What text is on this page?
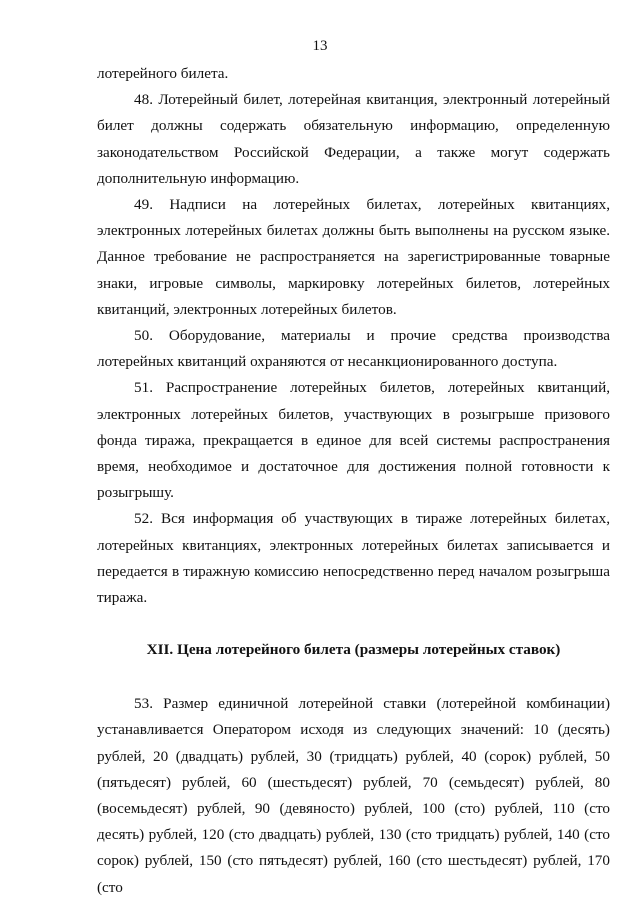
13

лотерейного билета.

48. Лотерейный билет, лотерейная квитанция, электронный лотерейный билет должны содержать обязательную информацию, определенную законодательством Российской Федерации, а также могут содержать дополнительную информацию.

49. Надписи на лотерейных билетах, лотерейных квитанциях, электронных лотерейных билетах должны быть выполнены на русском языке. Данное требование не распространяется на зарегистрированные товарные знаки, игровые символы, маркировку лотерейных билетов, лотерейных квитанций, электронных лотерейных билетов.

50. Оборудование, материалы и прочие средства производства лотерейных квитанций охраняются от несанкционированного доступа.

51. Распространение лотерейных билетов, лотерейных квитанций, электронных лотерейных билетов, участвующих в розыгрыше призового фонда тиража, прекращается в единое для всей системы распространения время, необходимое и достаточное для достижения полной готовности к розыгрышу.

52. Вся информация об участвующих в тираже лотерейных билетах, лотерейных квитанциях, электронных лотерейных билетах записывается и передается в тиражную комиссию непосредственно перед началом розыгрыша тиража.

XII. Цена лотерейного билета (размеры лотерейных ставок)

53. Размер единичной лотерейной ставки (лотерейной комбинации) устанавливается Оператором исходя из следующих значений: 10 (десять) рублей, 20 (двадцать) рублей, 30 (тридцать) рублей, 40 (сорок) рублей, 50 (пятьдесят) рублей, 60 (шестьдесят) рублей, 70 (семьдесят) рублей, 80 (восемьдесят) рублей, 90 (девяносто) рублей, 100 (сто) рублей, 110 (сто десять) рублей, 120 (сто двадцать) рублей, 130 (сто тридцать) рублей, 140 (сто сорок) рублей, 150 (сто пятьдесят) рублей, 160 (сто шестьдесят) рублей, 170 (сто
